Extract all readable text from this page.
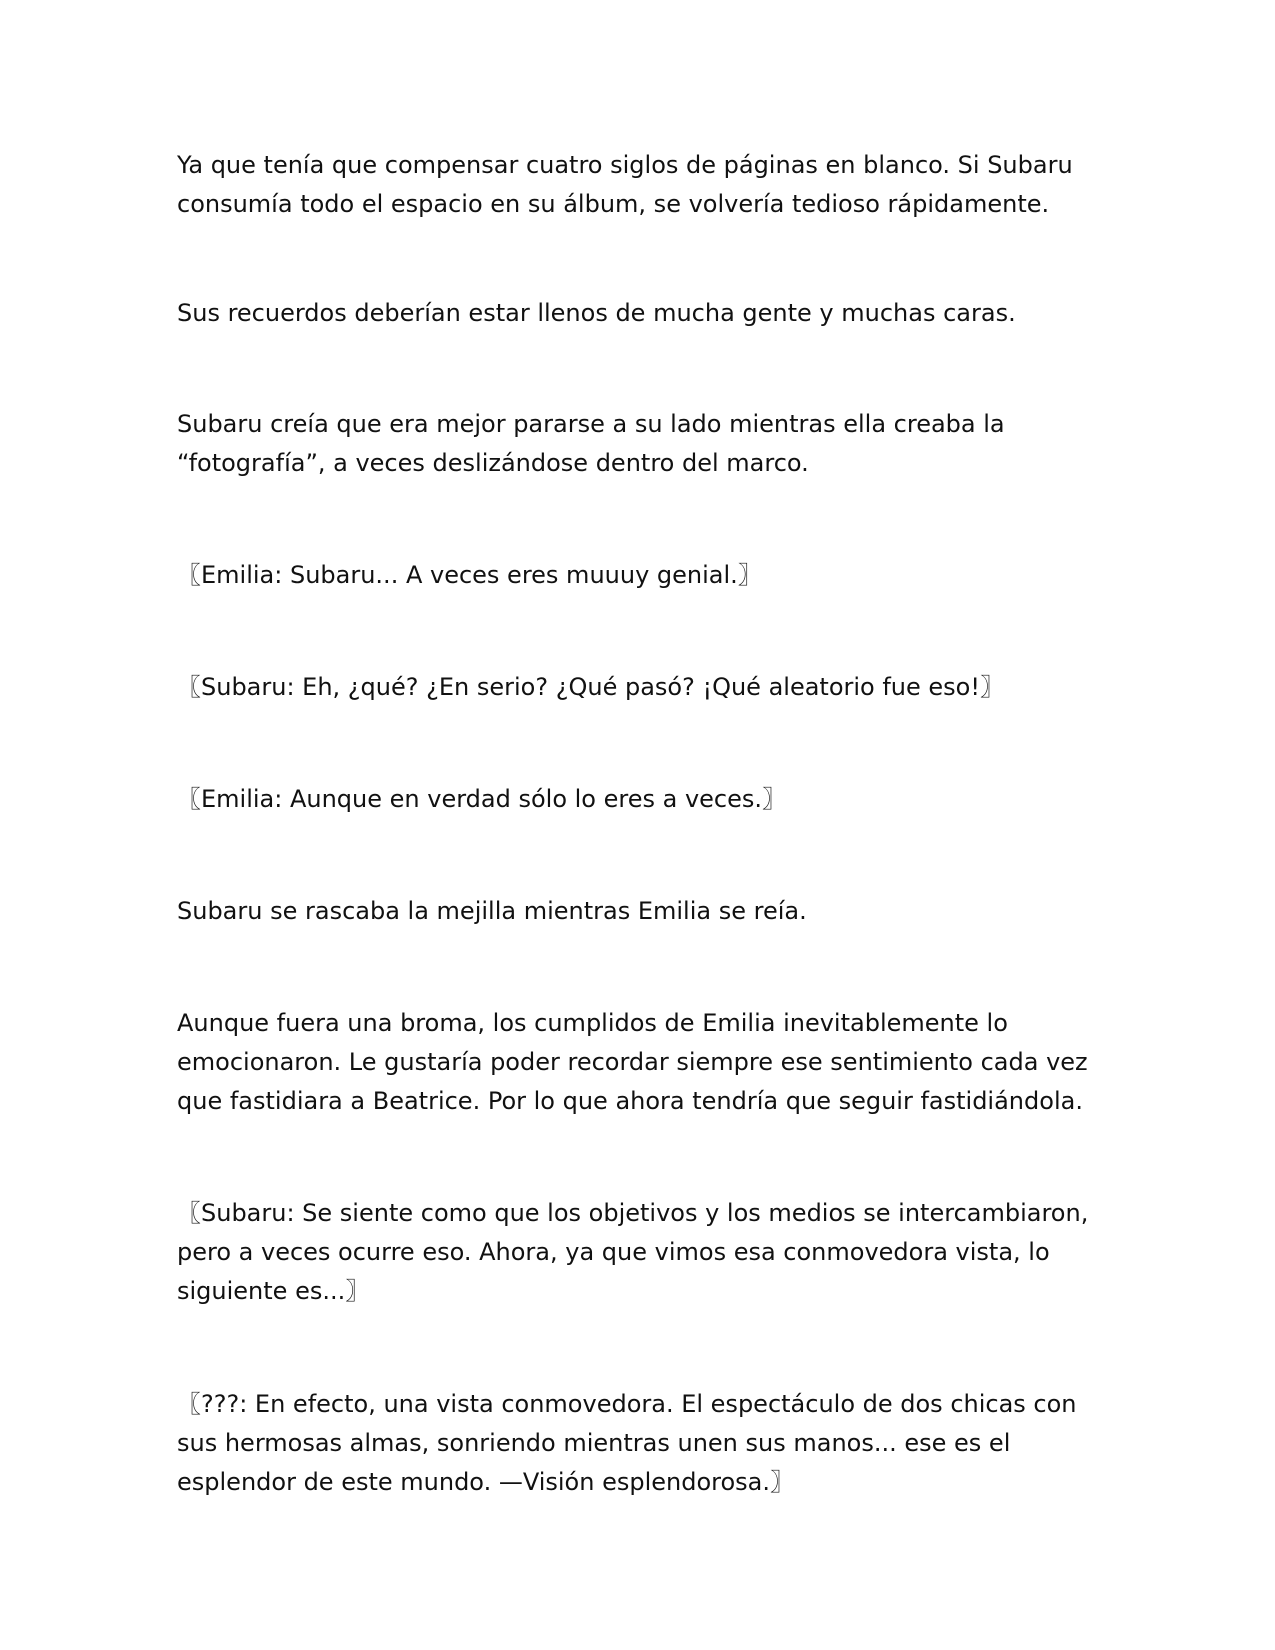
Ya que tenía que compensar cuatro siglos de páginas en blanco. Si Subaru consumía todo el espacio en su álbum, se volvería tedioso rápidamente.

Sus recuerdos deberían estar llenos de mucha gente y muchas caras.

Subaru creía que era mejor pararse a su lado mientras ella creaba la “fotografía”, a veces deslizándose dentro del marco.

〖Emilia: Subaru... A veces eres muuuy genial.〗

〖Subaru: Eh, ¿qué? ¿En serio? ¿Qué pasó? ¡Qué aleatorio fue eso!〗

〖Emilia: Aunque en verdad sólo lo eres a veces.〗

Subaru se rascaba la mejilla mientras Emilia se reía.

Aunque fuera una broma, los cumplidos de Emilia inevitablemente lo emocionaron. Le gustaría poder recordar siempre ese sentimiento cada vez que fastidiara a Beatrice. Por lo que ahora tendría que seguir fastidiándola.

〖Subaru: Se siente como que los objetivos y los medios se intercambiaron, pero a veces ocurre eso. Ahora, ya que vimos esa conmovedora vista, lo siguiente es...〗

〖???: En efecto, una vista conmovedora. El espectáculo de dos chicas con sus hermosas almas, sonriendo mientras unen sus manos... ese es el esplendor de este mundo. —Visión esplendorosa.〗
